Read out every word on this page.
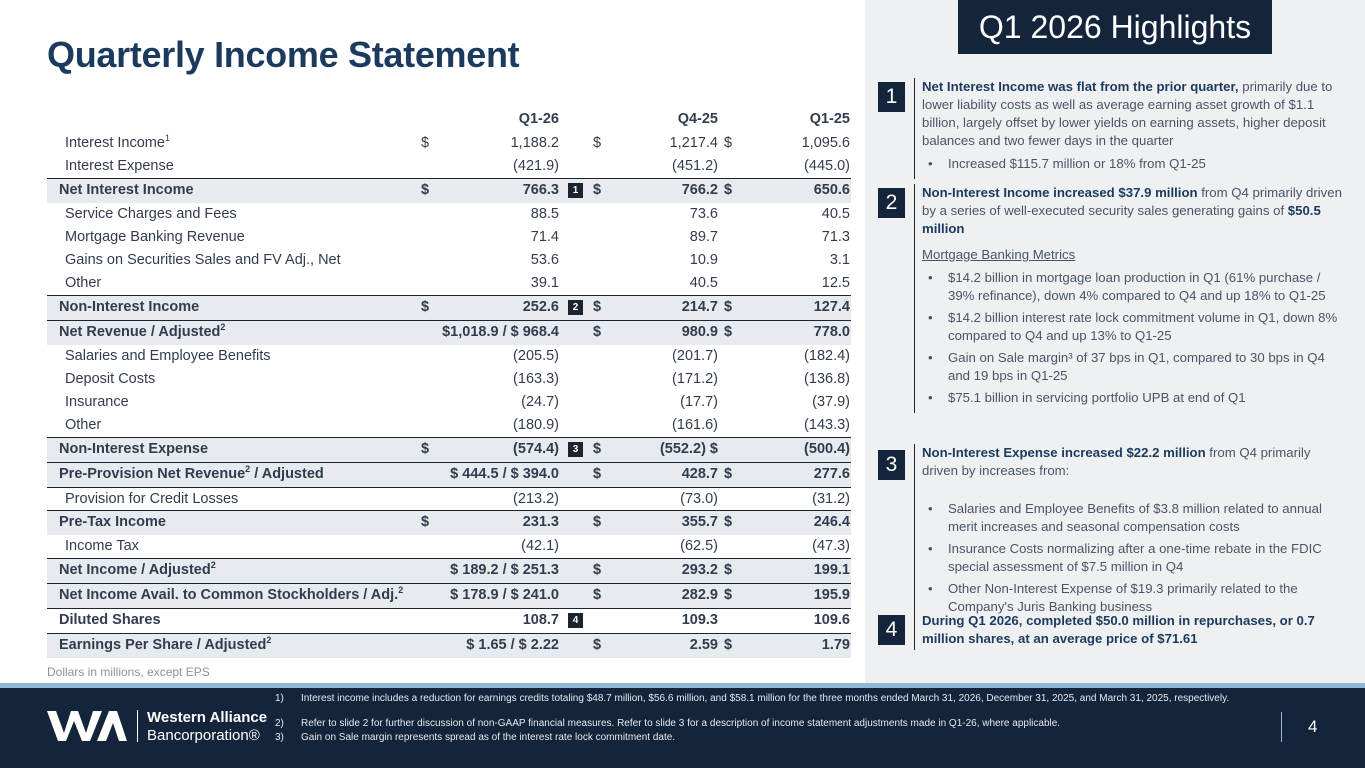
Quarterly Income Statement
Q1 2026 Highlights
Q1-26	Q4-25	Q1-25
Interest Income$^1$	$	1,188.2 $	1,217.4 $	1,095.6
Interest Expense	(421.9)	(451.2)	(445.0)
Net Interest Income	$	766.3	1	$	766.2 $	650.6
Service Charges and Fees	88.5	73.6	40.5
Mortgage Banking Revenue	71.4	89.7	71.3
Gains on Securities Sales and FV Adj., Net	53.6	10.9	3.1
Other	39.1	40.5	12.5
Non-Interest Income	$	252.6	2	$	214.7 $	127.4
Net Revenue / Adjusted$^2$	$1,018.9 / $ 968.4 $	980.9 $	778.0
Salaries and Employee Benefits	(205.5)	(201.7)	(182.4)
Deposit Costs	(163.3)	(171.2)	(136.8)
Insurance	(24.7)	(17.7)	(37.9)
Other	(180.9)	(161.6)	(143.3)
Non-Interest Expense	$	(574.4)	3	$	(552.2) $	(500.4)
Pre-Provision Net Revenue$^2$ / Adjusted	$ 444.5 / $ 394.0 $	428.7 $	277.6
Provision for Credit Losses	(213.2)	(73.0)	(31.2)
Pre-Tax Income	$	231.3 $	355.7 $	246.4
Income Tax	(42.1)	(62.5)	(47.3)
Net Income / Adjusted$^2$	$ 189.2 / $ 251.3 $	293.2 $	199.1
Net Income Avail. to Common Stockholders / Adj.$^2$	$ 178.9 / $ 241.0 $	282.9 $	195.9
Diluted Shares	108.7	4	109.3	109.6
Earnings Per Share / Adjusted$^2$	$ 1.65 / $ 2.22 $	2.59 $	1.79
Dollars in millions, except EPS
1	Net Interest Income was flat from the prior quarter, primarily due to lower liability costs as well as average earning asset growth of $1.1 billion, largely offset by lower yields on earning assets, higher deposit balances and two fewer days in the quarter
• Increased $115.7 million or 18% from Q1-25
2	Non-Interest Income increased $37.9 million from Q4 primarily driven by a series of well-executed security sales generating gains of $50.5 million
Mortgage Banking Metrics
• $14.2 billion in mortgage loan production in Q1 (61% purchase / 39% refinance), down 4% compared to Q4 and up 18% to Q1-25
• $14.2 billion interest rate lock commitment volume in Q1, down 8% compared to Q4 and up 13% to Q1-25
• Gain on Sale margin³ of 37 bps in Q1, compared to 30 bps in Q4 and 19 bps in Q1-25
• $75.1 billion in servicing portfolio UPB at end of Q1
3
Non-Interest Expense increased $22.2 million from Q4 primarily driven by increases from:
• Salaries and Employee Benefits of $3.8 million related to annual merit increases and seasonal compensation costs
• Insurance Costs normalizing after a one-time rebate in the FDIC special assessment of $7.5 million in Q4
• Other Non-Interest Expense of $19.3 primarily related to the Company's Juris Banking business
4	During Q1 2026, completed $50.0 million in repurchases, or 0.7 million shares, at an average price of $71.61
Western Alliance
Bancorporation®
1) Interest income includes a reduction for earnings credits totaling $48.7 million, $56.6 million, and $58.1 million for the three months ended March 31, 2026, December 31, 2025, and March 31, 2025, respectively.
2) Refer to slide 2 for further discussion of non-GAAP financial measures. Refer to slide 3 for a description of income statement adjustments made in Q1-26, where applicable.
3) Gain on Sale margin represents spread as of the interest rate lock commitment date.
4
